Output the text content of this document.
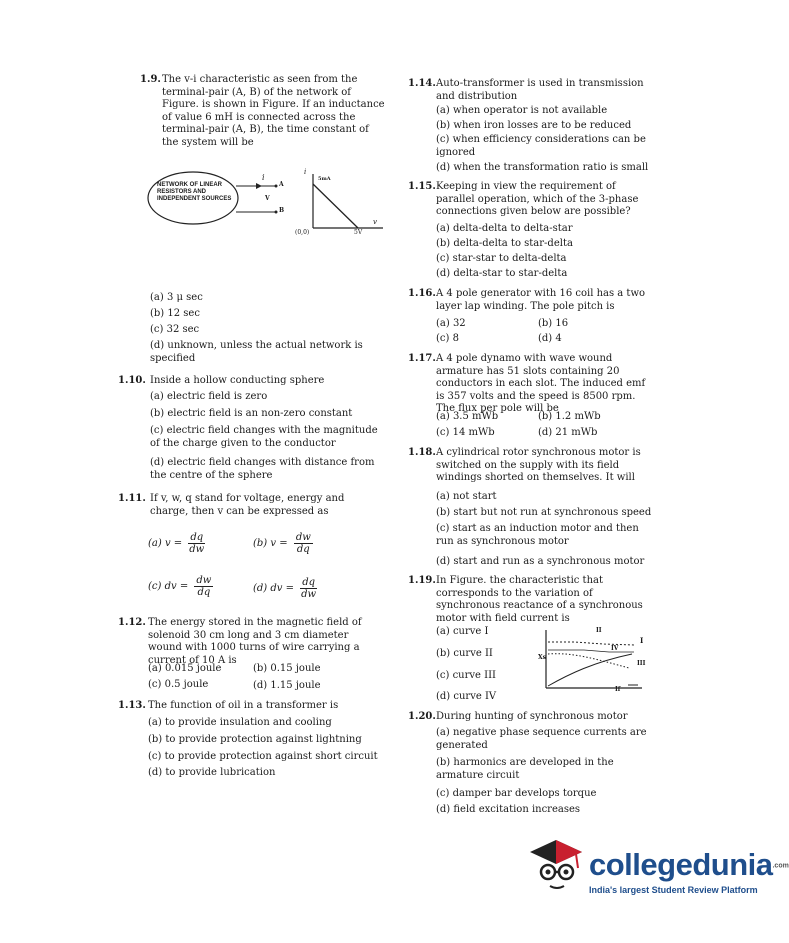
1.9. The v-i characteristic as seen from the terminal-pair (A, B) of the network of Figure. is shown in Figure. If an inductance of value 6 mH is connected across the terminal-pair (A, B), the time constant of the system will be
NETWORK OF LINEAR RESISTORS AND INDEPENDENT SOURCES
i
A
V
B
i
5mA
(0,0)	5V
v
(a) 3 μ sec
(b) 12 sec
(c) 32 sec
(d) unknown, unless the actual network is specified
1.10. Inside a hollow conducting sphere
(a) electric field is zero
(b) electric field is an non-zero constant
(c) electric field changes with the magnitude of the charge given to the conductor
(d) electric field changes with distance from the centre of the sphere
1.11. If v, w, q stand for voltage, energy and charge, then v can be expressed as
(a) $v = \frac{dq}{dw}$	(b) $v = \frac{dw}{dq}$
(c) dv = $\frac{dw}{dq}$	(d) dv = $\frac{dq}{dw}$
1.12. The energy stored in the magnetic field of solenoid 30 cm long and 3 cm diameter wound with 1000 turns of wire carrying a current of 10 A is
(a) 0.015 joule	(b) 0.15 joule
(c) 0.5 joule	(d) 1.15 joule
1.13. The function of oil in a transformer is
(a) to provide insulation and cooling
(b) to provide protection against lightning
(c) to provide protection against short circuit
(d) to provide lubrication
1.14. Auto-transformer is used in transmission and distribution
(a) when operator is not available
(b) when iron losses are to be reduced
(c) when efficiency considerations can be ignored
(d) when the transformation ratio is small
1.15. Keeping in view the requirement of parallel operation, which of the 3-phase connections given below are possible?
(a) delta-delta to delta-star
(b) delta-delta to star-delta
(c) star-star to delta-delta
(d) delta-star to star-delta
1.16. A 4 pole generator with 16 coil has a two layer lap winding. The pole pitch is
(a) 32	(b) 16
(c) 8	(d) 4
1.17. A 4 pole dynamo with wave wound armature has 51 slots containing 20 conductors in each slot. The induced emf is 357 volts and the speed is 8500 rpm. The flux per pole will be
(a) 3.5 mWb	(b) 1.2 mWb
(c) 14 mWb	(d) 21 mWb
1.18. A cylindrical rotor synchronous motor is switched on the supply with its field windings shorted on themselves. It will
(a) not start
(b) start but not run at synchronous speed
(c) start as an induction motor and then run as synchronous motor
(d) start and run as a synchronous motor
1.19. In Figure. the characteristic that corresponds to the variation of synchronous reactance of a synchronous motor with field current is
(a) curve I
(b) curve II
(c) curve III
(d) curve IV
Xs
If
I
II
III
IV
1.20. During hunting of synchronous motor
(a) negative phase sequence currents are generated
(b) harmonics are developed in the armature circuit
(c) damper bar develops torque
(d) field excitation increases
collegedunia.com
India's largest Student Review Platform
